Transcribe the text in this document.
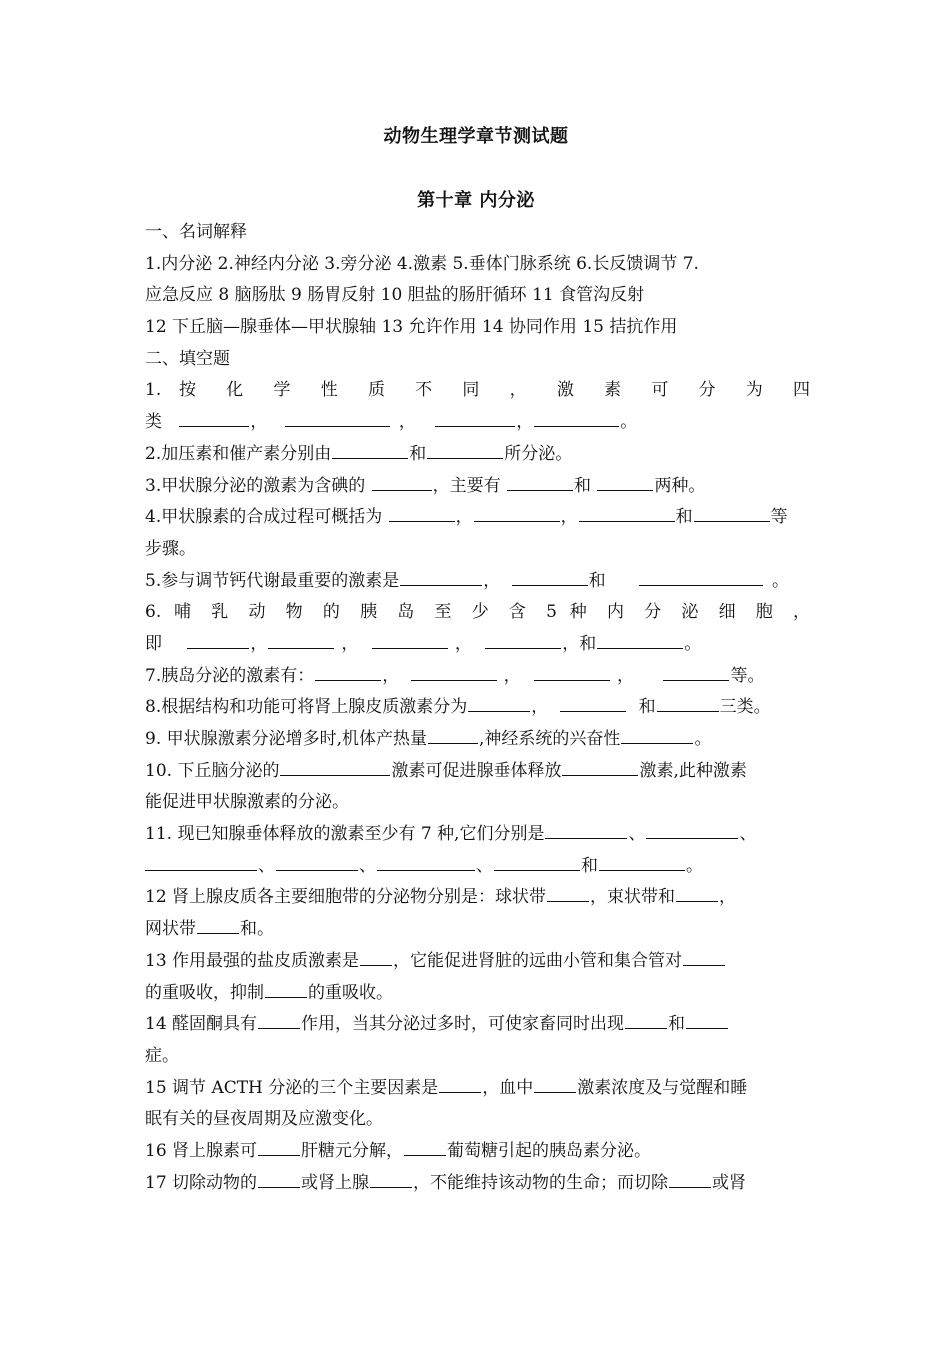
动物生理学章节测试题
第十章 内分泌
一、名词解释
1.内分泌 2.神经内分泌 3.旁分泌 4.激素 5.垂体门脉系统 6.长反馈调节 7.
应急反应 8 脑肠肽 9 肠胃反射 10 胆盐的肠肝循环 11 食管沟反射
12 下丘脑—腺垂体—甲状腺轴 13 允许作用 14 协同作用 15 拮抗作用
二、填空题
1. 按 化 学 性 质 不 同 ， 激 素 可 分 为 四
类	，	，	，	。
2.加压素和催产素分别由	和	所分泌。
3.甲状腺分泌的激素为含碘的	，主要有	和	两种。
4.甲状腺素的合成过程可概括为	，	，	和	等
步骤。
5.参与调节钙代谢最重要的激素是	，	和	。
6. 哺 乳 动 物 的 胰 岛 至 少 含 5 种 内 分 泌 细 胞 ，
即	，	，	，	，和	。
7.胰岛分泌的激素有：	，	，	，	等。
8.根据结构和功能可将肾上腺皮质激素分为	，	和	三类。
9. 甲状腺激素分泌增多时,机体产热量	,神经系统的兴奋性	。
10. 下丘脑分泌的	激素可促进腺垂体释放	激素,此种激素
能促进甲状腺激素的分泌。
11. 现已知腺垂体释放的激素至少有 7 种,它们分别是	、	、
、	、	、	和	。
12 肾上腺皮质各主要细胞带的分泌物分别是：球状带	，束状带和	，
网状带	和。
13 作用最强的盐皮质激素是 ，它能促进肾脏的远曲小管和集合管对
的重吸收，抑制	的重吸收。
14 醛固酮具有	作用，当其分泌过多时，可使家畜同时出现	和
症。
15 调节 ACTH 分泌的三个主要因素是	，血中	激素浓度及与觉醒和睡
眠有关的昼夜周期及应激变化。
16 肾上腺素可	肝糖元分解，	葡萄糖引起的胰岛素分泌。
17 切除动物的	或肾上腺	，不能维持该动物的生命；而切除	或肾
